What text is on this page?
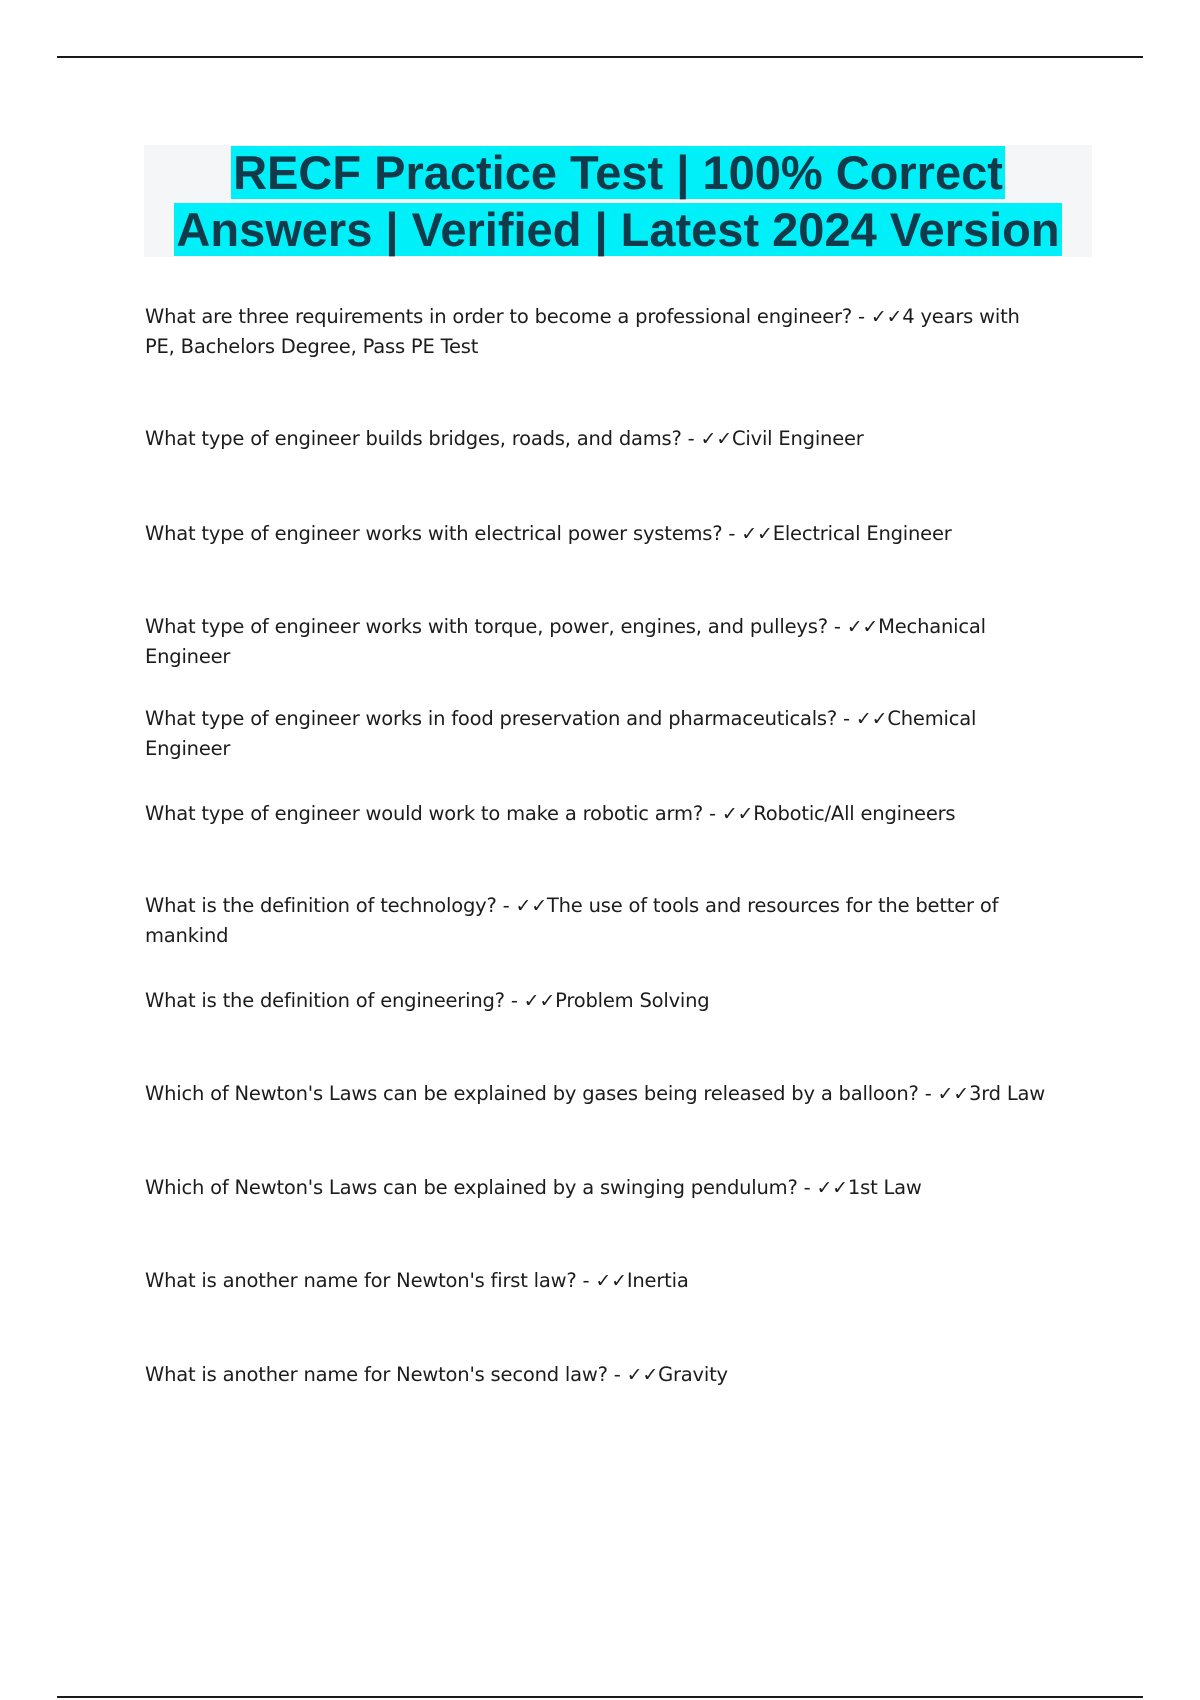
RECF Practice Test | 100% Correct
Answers | Verified | Latest 2024 Version
What are three requirements in order to become a professional engineer? - ✓✓4 years with PE, Bachelors Degree, Pass PE Test
What type of engineer builds bridges, roads, and dams? - ✓✓Civil Engineer
What type of engineer works with electrical power systems? - ✓✓Electrical Engineer
What type of engineer works with torque, power, engines, and pulleys? - ✓✓Mechanical Engineer
What type of engineer works in food preservation and pharmaceuticals? - ✓✓Chemical Engineer
What type of engineer would work to make a robotic arm? - ✓✓Robotic/All engineers
What is the definition of technology? - ✓✓The use of tools and resources for the better of mankind
What is the definition of engineering? - ✓✓Problem Solving
Which of Newton's Laws can be explained by gases being released by a balloon? - ✓✓3rd Law
Which of Newton's Laws can be explained by a swinging pendulum? - ✓✓1st Law
What is another name for Newton's first law? - ✓✓Inertia
What is another name for Newton's second law? - ✓✓Gravity
